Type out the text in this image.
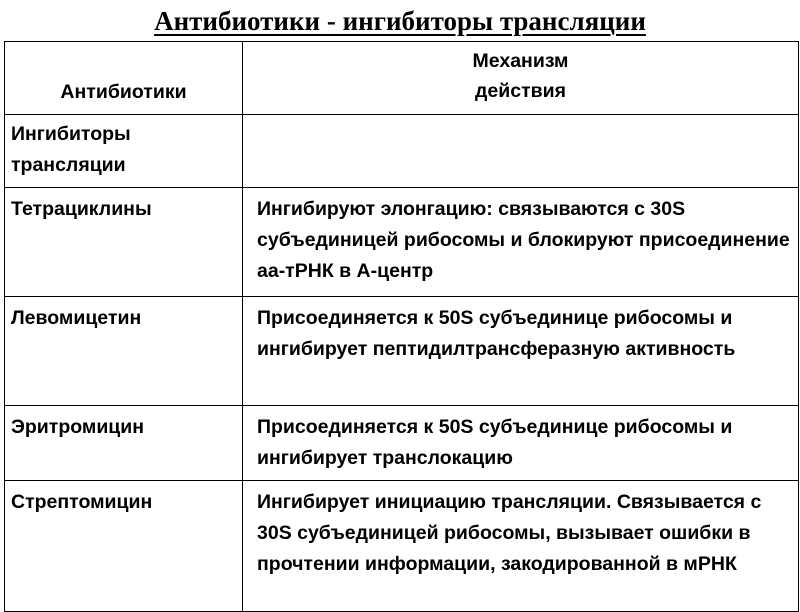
Антибиотики - ингибиторы трансляции
Антибиотики	Механизм
действия

Ингибиторы трансляции	
Тетрациклины	Ингибируют элонгацию: связываются с 30S субъединицей рибосомы и блокируют присоединение аа-тРНК в А-центр
Левомицетин	Присоединяется к 50S субъединице рибосомы и ингибирует пептидилтрансферазную активность
Эритромицин	Присоединяется к 50S субъединице рибосомы и ингибирует транслокацию
Стрептомицин	Ингибирует инициацию трансляции. Связывается с 30S субъединицей рибосомы, вызывает ошибки в прочтении информации, закодированной в мРНК
